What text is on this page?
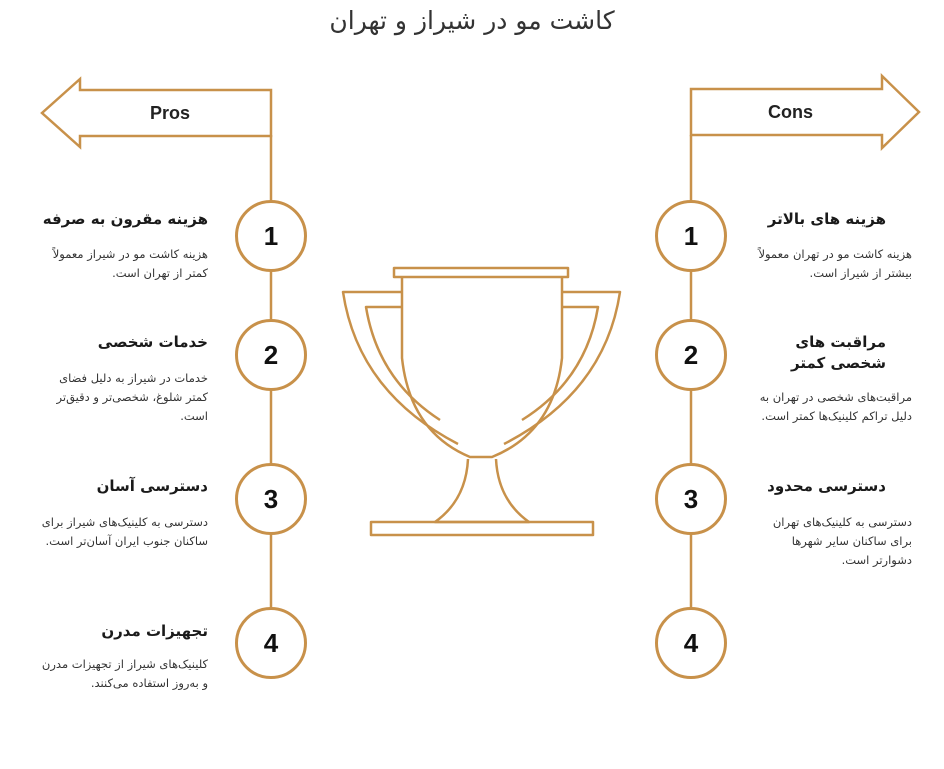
کاشت مو در شیراز و تهران
Pros	Cons
1
2
3
4
1
2
3
4
هزینه مقرون به صرفه
هزینه کاشت مو در شیراز معمولاً کمتر از تهران است.
خدمات شخصی
خدمات در شیراز به دلیل فضای کمتر شلوغ، شخصی‌تر و دقیق‌تر است.
دسترسی آسان
دسترسی به کلینیک‌های شیراز برای ساکنان جنوب ایران آسان‌تر است.
تجهیزات مدرن
کلینیک‌های شیراز از تجهیزات مدرن و به‌روز استفاده می‌کنند.
هزینه های بالاتر
هزینه کاشت مو در تهران معمولاً بیشتر از شیراز است.
مراقبت های شخصی کمتر
مراقبت‌های شخصی در تهران به دلیل تراکم کلینیک‌ها کمتر است.
دسترسی محدود
دسترسی به کلینیک‌های تهران برای ساکنان سایر شهرها دشوارتر است.
